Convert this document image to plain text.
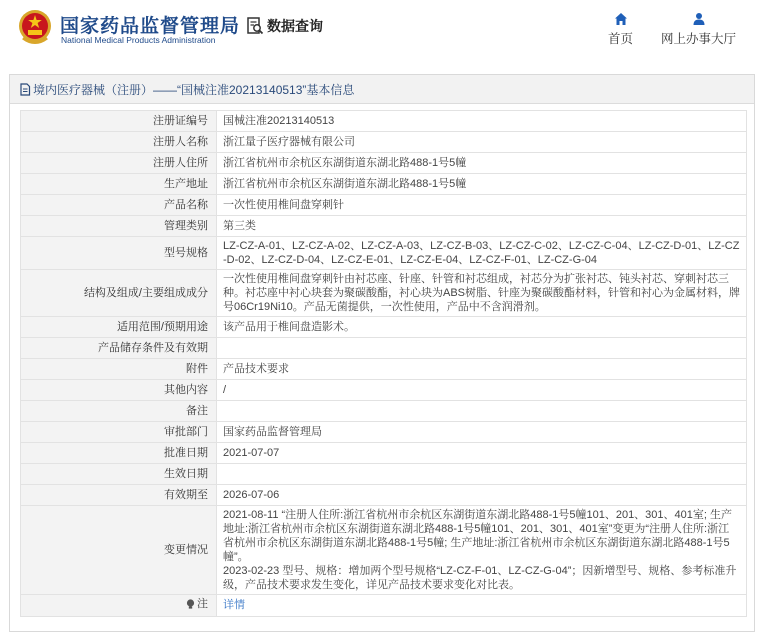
国家药品监督管理局
National Medical Products Administration
数据查询
首页 网上办事大厅
境内医疗器械（注册）——“国械注准20213140513”基本信息
注册证编号	国械注准20213140513
注册人名称	浙江量子医疗器械有限公司
注册人住所	浙江省杭州市余杭区东湖街道东湖北路488-1号5幢
生产地址	浙江省杭州市余杭区东湖街道东湖北路488-1号5幢
产品名称	一次性使用椎间盘穿刺针
管理类别	第三类
型号规格	LZ-CZ-A-01、LZ-CZ-A-02、LZ-CZ-A-03、LZ-CZ-B-03、LZ-CZ-C-02、LZ-CZ-C-04、LZ-CZ-D-01、LZ-CZ-D-02、LZ-CZ-D-04、LZ-CZ-E-01、LZ-CZ-E-04、LZ-CZ-F-01、LZ-CZ-G-04
结构及组成/主要组成成分	一次性使用椎间盘穿刺针由衬芯座、针座、针管和衬芯组成，衬芯分为扩张衬芯、钝头衬芯、穿刺衬芯三种。衬芯座中衬心块套为聚碳酸酯，衬心块为ABS树脂、针座为聚碳酸酯材料，针管和衬心为金属材料，牌号06Cr19Ni10。产品无菌提供，一次性使用，产品中不含润滑剂。
适用范围/预期用途	该产品用于椎间盘造影术。
产品储存条件及有效期	
附件	产品技术要求
其他内容	/
备注	
审批部门	国家药品监督管理局
批准日期	2021-07-07
生效日期	
有效期至	2026-07-06
变更情况	2021-08-11 “注册人住所:浙江省杭州市余杭区东湖街道东湖北路488-1号5幢101、201、301、401室; 生产地址:浙江省杭州市余杭区东湖街道东湖北路488-1号5幢101、201、301、401室”变更为“注册人住所:浙江省杭州市余杭区东湖街道东湖北路488-1号5幢; 生产地址:浙江省杭州市余杭区东湖街道东湖北路488-1号5幢”。
2023-02-23 型号、规格：增加两个型号规格“LZ-CZ-F-01、LZ-CZ-G-04”；因新增型号、规格、参考标准升级，产品技术要求发生变化，详见产品技术要求变化对比表。

注	详情
